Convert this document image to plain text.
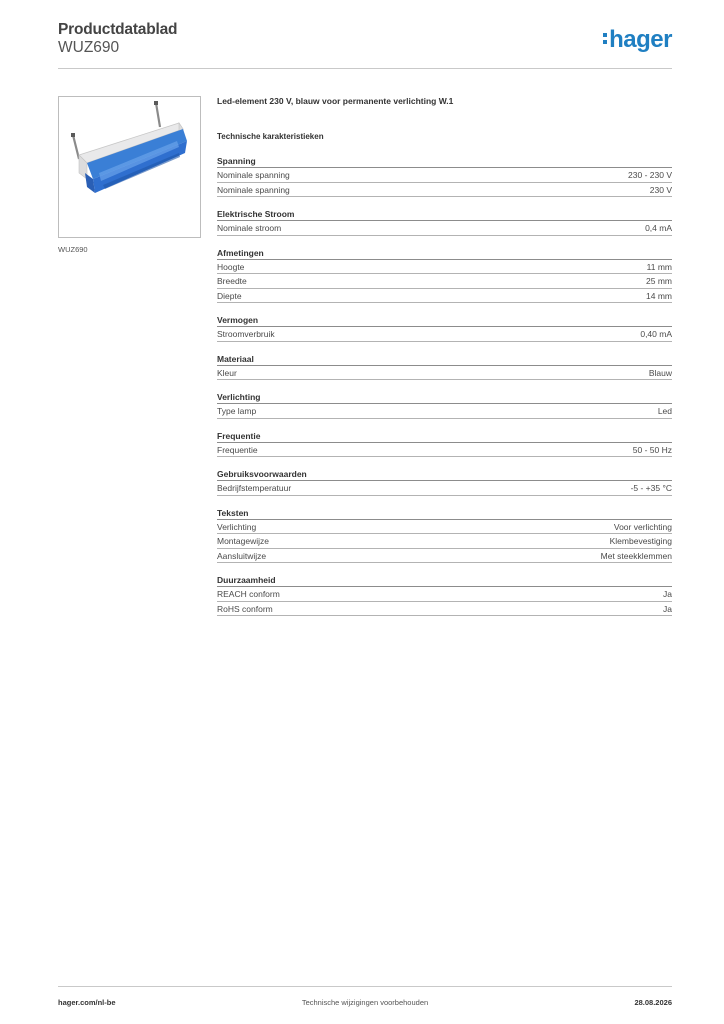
Productdatablad
WUZ690	hager
WUZ690
Led-element 230 V, blauw voor permanente verlichting W.1
Technische karakteristieken
Spanning
Nominale spanning	230 - 230 V
Nominale spanning	230 V
Elektrische Stroom
Nominale stroom	0,4 mA
Afmetingen
Hoogte	11 mm
Breedte	25 mm
Diepte	14 mm
Vermogen
Stroomverbruik	0,40 mA
Materiaal
Kleur	Blauw
Verlichting
Type lamp	Led
Frequentie
Frequentie	50 - 50 Hz
Gebruiksvoorwaarden
Bedrijfstemperatuur	-5 - +35 °C
Teksten
Verlichting	Voor verlichting
Montagewijze	Klembevestiging
Aansluitwijze	Met steekklemmen
Duurzaamheid
REACH conform	Ja
RoHS conform	Ja
hager.com/nl-be	Technische wijzigingen voorbehouden	28.08.2026
